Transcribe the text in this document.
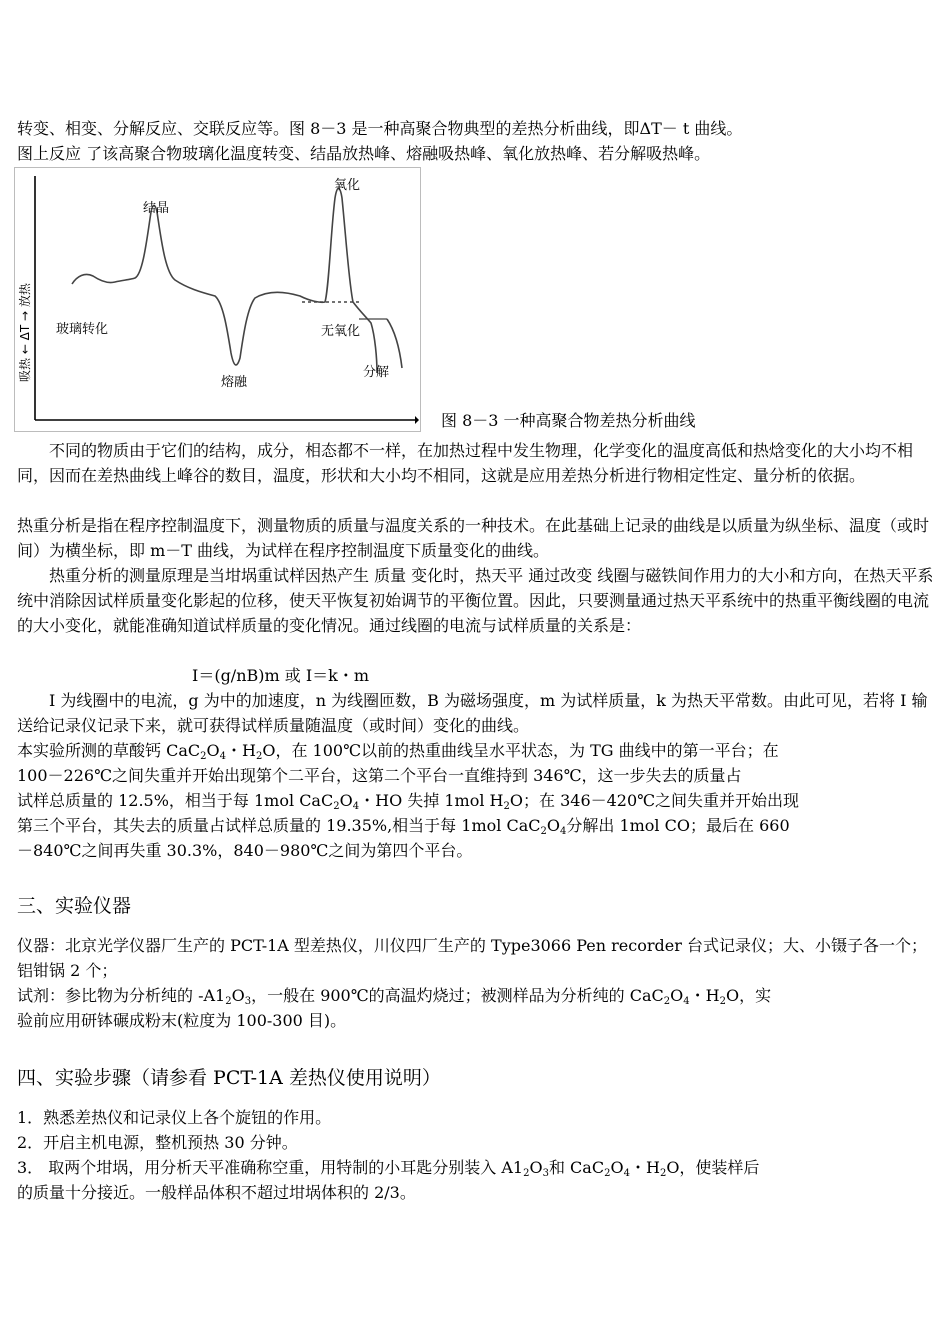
转变、相变、分解反应、交联反应等。图 8－3 是一种高聚合物典型的差热分析曲线，即ΔT－ t 曲线。

图上反应 了该高聚合物玻璃化温度转变、结晶放热峰、熔融吸热峰、氧化放热峰、若分解吸热峰。

吸热 ← ΔT → 放热 玻璃转化
结晶
熔融
氧化
无氧化
分解
图 8－3 一种高聚合物差热分析曲线

不同的物质由于它们的结构，成分，相态都不一样，在加热过程中发生物理，化学变化的温度高低和热焓变化的大小均不相同，因而在差热曲线上峰谷的数目，温度，形状和大小均不相同，这就是应用差热分析进行物相定性定、量分析的依据。

热重分析是指在程序控制温度下，测量物质的质量与温度关系的一种技术。在此基础上记录的曲线是以质量为纵坐标、温度（或时间）为横坐标，即 m－T 曲线，为试样在程序控制温度下质量变化的曲线。

热重分析的测量原理是当坩埚重试样因热产生 质量 变化时，热天平 通过改变 线圈与磁铁间作用力的大小和方向，在热天平系统中消除因试样质量变化影起的位移，使天平恢复初始调节的平衡位置。因此，只要测量通过热天平系统中的热重平衡线圈的电流的大小变化，就能准确知道试样质量的变化情况。通过线圈的电流与试样质量的关系是：

I＝(g/nB)m 或 I＝k・m

I 为线圈中的电流，g 为中的加速度，n 为线圈匝数，B 为磁场强度，m 为试样质量，k 为热天平常数。由此可见，若将 I 输送给记录仪记录下来，就可获得试样质量随温度（或时间）变化的曲线。

本实验所测的草酸钙 $CaC_2O_4$・$H_2O$，在 100℃以前的热重曲线呈水平状态，为 TG 曲线中的第一平台；在
100－226℃之间失重并开始出现第个二平台，这第二个平台一直维持到 346℃，这一步失去的质量占
试样总质量的 12.5%，相当于每 1mol $CaC_2O_4$・HO 失掉 1mol $H_2O$；在 346－420℃之间失重并开始出现
第三个平台，其失去的质量占试样总质量的 19.35%,相当于每 1mol $CaC_2O_4$分解出 1mol CO；最后在 660
－840℃之间再失重 30.3%，840－980℃之间为第四个平台。
三、实验仪器

仪器：北京光学仪器厂生产的 PCT-1A 型差热仪，川仪四厂生产的 Type3066 Pen recorder 台式记录仪；大、小镊子各一个；铝钳锅 2 个；

试剂：参比物为分析纯的 $-A1_2O_3$，一般在 900℃的高温灼烧过；被测样品为分析纯的 $CaC_2O_4$・$H_2O$，实
验前应用研钵碾成粉末(粒度为 100-300 目)。
四、实验步骤（请参看 PCT-1A 差热仪使用说明）
1．熟悉差热仪和记录仪上各个旋钮的作用。
2．开启主机电源，整机预热 30 分钟。
3． 取两个坩埚，用分析天平准确称空重，用特制的小耳匙分别装入 $A1_2O_3$和 $CaC_2O_4$・$H_2O$，使装样后
的质量十分接近。一般样品体积不超过坩埚体积的 2/3。
